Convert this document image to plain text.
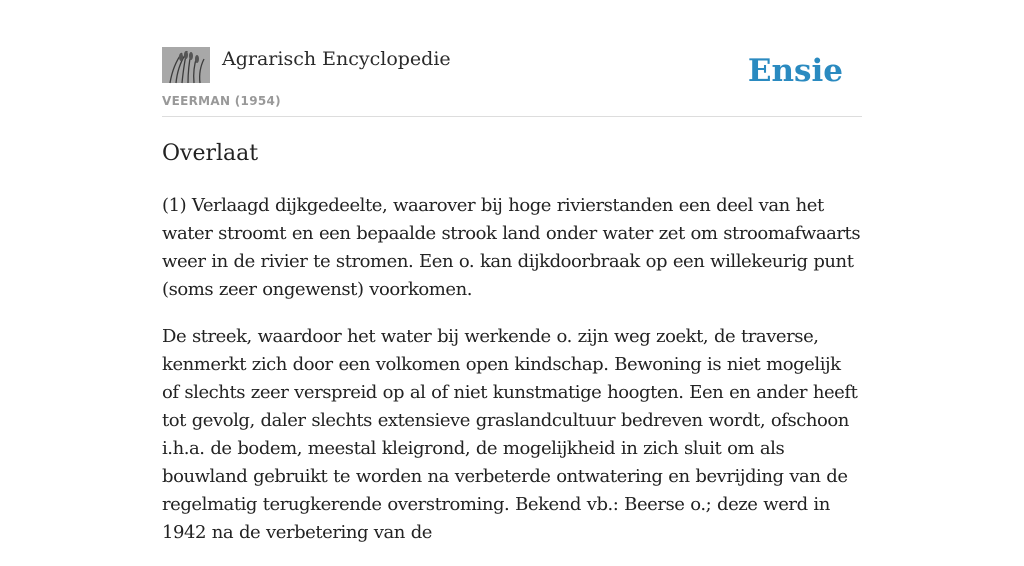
Agrarisch Encyclopedie
VEERMAN (1954)
Ensie
Overlaat

(1) Verlaagd dijkgedeelte, waarover bij hoge rivierstanden een deel van het water stroomt en een bepaalde strook land onder water zet om stroomafwaarts weer in de rivier te stromen. Een o. kan dijkdoorbraak op een willekeurig punt (soms zeer ongewenst) voorkomen.

De streek, waardoor het water bij werkende o. zijn weg zoekt, de traverse, kenmerkt zich door een volkomen open kindschap. Bewoning is niet mogelijk of slechts zeer verspreid op al of niet kunstmatige hoogten. Een en ander heeft tot gevolg, daler slechts extensieve graslandcultuur bedreven wordt, ofschoon i.h.a. de bodem, meestal kleigrond, de mogelijkheid in zich sluit om als bouwland gebruikt te worden na verbeterde ontwatering en bevrijding van de regelmatig terugkerende overstroming. Bekend vb.: Beerse o.; deze werd in 1942 na de verbetering van de
